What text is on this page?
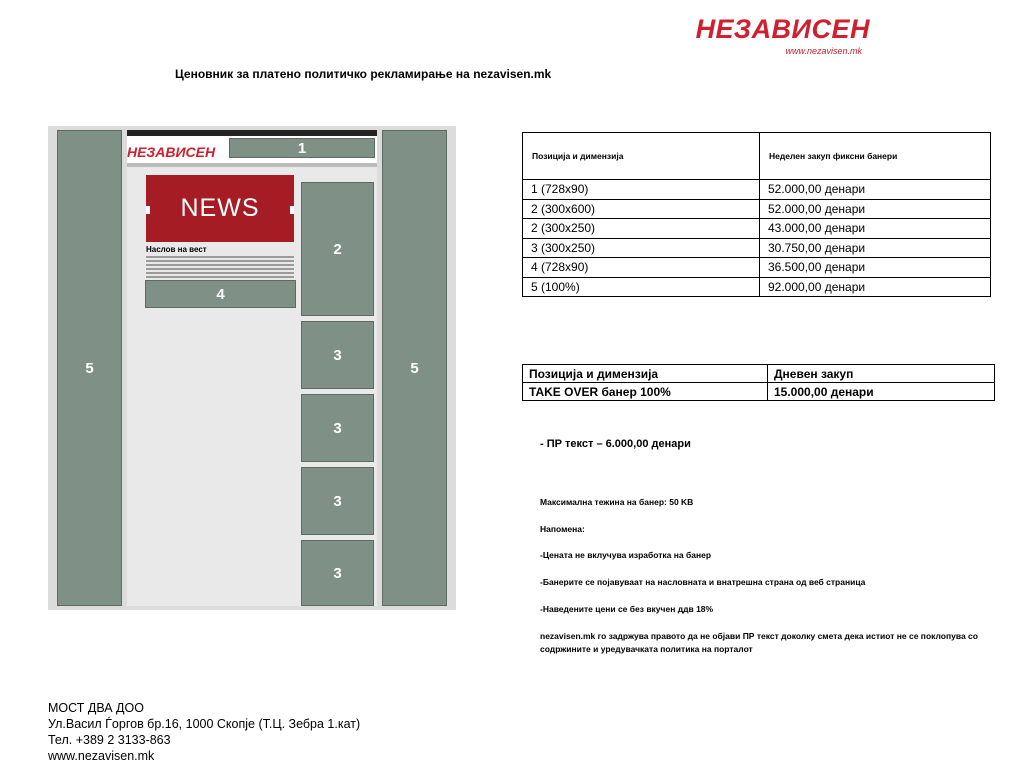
НЕЗАВИСЕН
www.nezavisen.mk
Ценовник за платено политичко рекламирање на nezavisen.mk
5
НЕЗАВИСЕН
NEWS
Наслов на вест
1
2
4
3
3
3
3
5
Позиција и димензија	Неделен закуп фиксни банери
1 (728x90)	52.000,00 денари
2 (300x600)	52.000,00 денари
2 (300x250)	43.000,00 денари
3 (300x250)	30.750,00 денари
4 (728x90)	36.500,00 денари
5 (100%)	92.000,00 денари
Позиција и димензија	Дневен закуп
TAKE OVER банер 100%	15.000,00 денари
- ПР текст – 6.000,00 денари
Максимална тежина на банер: 50 KB
Напомена:
-Цената не вклучува изработка на банер
-Банерите се појавуваат на насловната и внатрешна страна од веб страница
-Наведените цени се без вкучен ддв 18%
nezavisen.mk го задржува правото да не објави ПР текст доколку смета дека истиот не се поклопува со содржините и уредувачката политика на порталот
МОСТ ДВА ДОО
Ул.Васил Ѓоргов бр.16, 1000 Скопје (Т.Ц. Зебра 1.кат)
Тел. +389 2 3133-863
www.nezavisen.mk
